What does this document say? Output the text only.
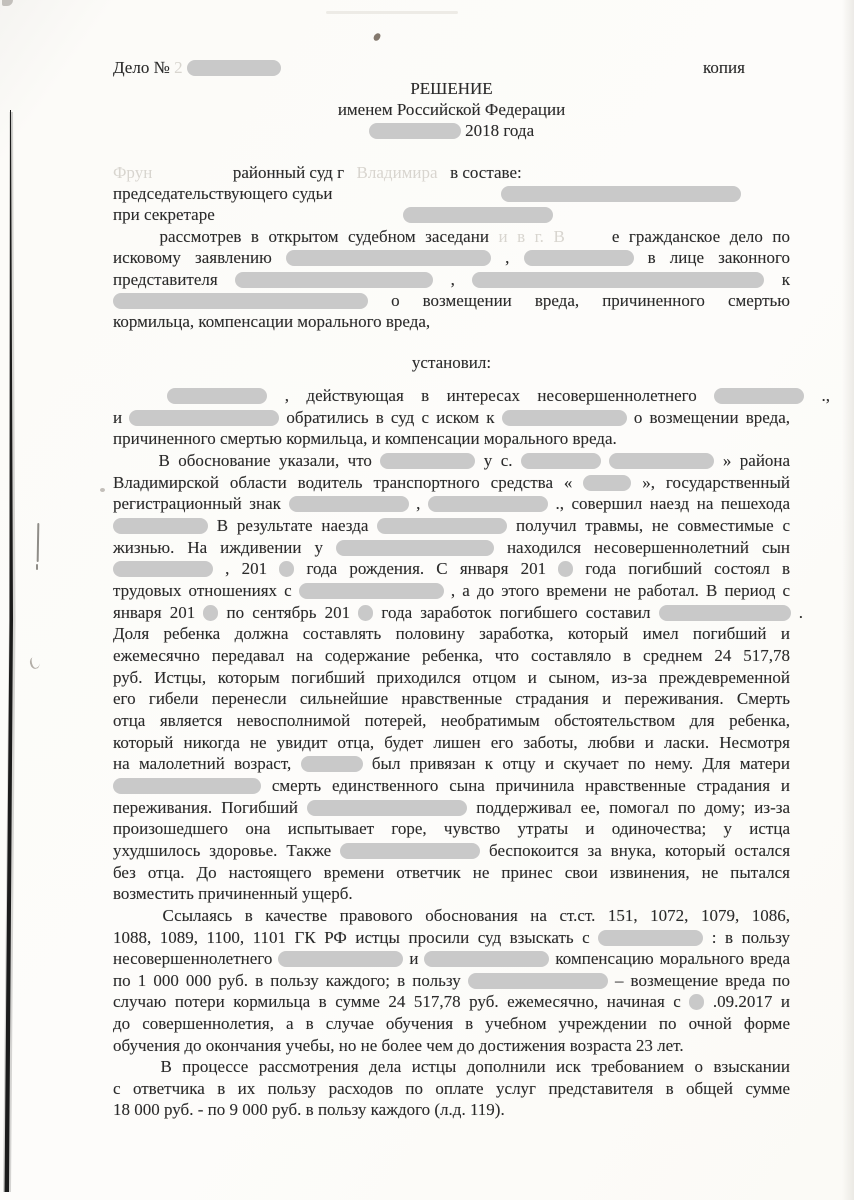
Дело № 2	копия
РЕШЕНИЕ
именем Российской Федерации
2018 года
Фрун	районный суд г Владимира в составе:
председательствующего судьи
при секретаре
рассмотрев в открытом судебном заседани и в г. В	е гражданское дело по
исковому заявлению	,	в лице законного
представителя	,	к
о возмещении вреда, причиненного смертью
кормильца, компенсации морального вреда,
установил:
, действующая в интересах несовершеннолетнего	.,
и	обратились в суд с иском к	о возмещении вреда,
причиненного смертью кормильца, и компенсации морального вреда.
В обоснование указали, что	у с.	» района
Владимирской области водитель транспортного средства «	», государственный
регистрационный знак	,	., совершил наезд на пешехода
В результате наезда	получил травмы, не совместимые с
жизнью. На иждивении у	находился несовершеннолетний сын
, 201 года рождения. С января 201 года погибший состоял в
трудовых отношениях с	, а до этого времени не работал. В период с
января 201 по сентябрь 201 года заработок погибшего составил	.
Доля ребенка должна составлять половину заработка, который имел погибший и
ежемесячно передавал на содержание ребенка, что составляло в среднем 24 517,78
руб. Истцы, которым погибший приходился отцом и сыном, из-за преждевременной
его гибели перенесли сильнейшие нравственные страдания и переживания. Смерть
отца является невосполнимой потерей, необратимым обстоятельством для ребенка,
который никогда не увидит отца, будет лишен его заботы, любви и ласки. Несмотря
на малолетний возраст,	был привязан к отцу и скучает по нему. Для матери
смерть единственного сына причинила нравственные страдания и
переживания. Погибший	поддерживал ее, помогал по дому; из-за
произошедшего она испытывает горе, чувство утраты и одиночества; у истца
ухудшилось здоровье. Также	беспокоится за внука, который остался
без отца. До настоящего времени ответчик не принес свои извинения, не пытался
возместить причиненный ущерб.
Ссылаясь в качестве правового обоснования на ст.ст. 151, 1072, 1079, 1086,
1088, 1089, 1100, 1101 ГК РФ истцы просили суд взыскать с	: в пользу
несовершеннолетнего	и	компенсацию морального вреда
по 1 000 000 руб. в пользу каждого; в пользу	– возмещение вреда по
случаю потери кормильца в сумме 24 517,78 руб. ежемесячно, начиная с .09.2017 и
до совершеннолетия, а в случае обучения в учебном учреждении по очной форме
обучения до окончания учебы, но не более чем до достижения возраста 23 лет.
В процессе рассмотрения дела истцы дополнили иск требованием о взыскании
с ответчика в их пользу расходов по оплате услуг представителя в общей сумме
18 000 руб. - по 9 000 руб. в пользу каждого (л.д. 119).
